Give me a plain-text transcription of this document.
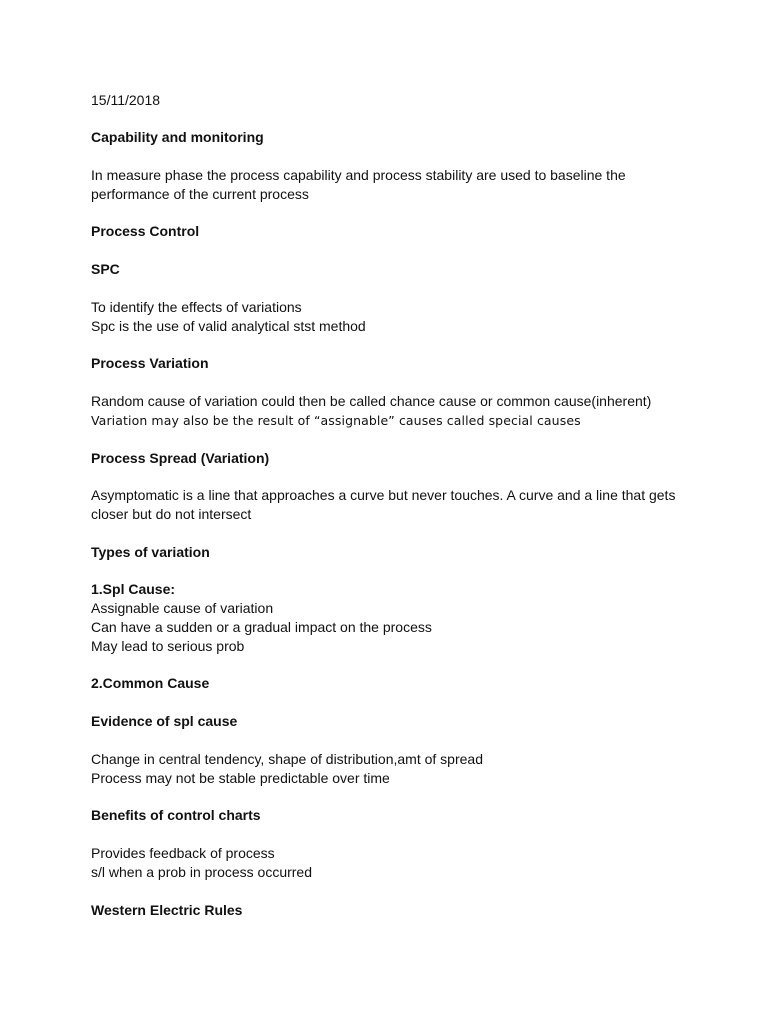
15/11/2018
Capability and monitoring
In measure phase the process capability and process stability are used to baseline the
performance of the current process
Process Control
SPC
To identify the effects of variations
Spc is the use of valid analytical stst method
Process Variation
Random cause of variation could then be called chance cause or common cause(inherent)
Variation may also be the result of “assignable” causes called special causes
Process Spread (Variation)
Asymptomatic is a line that approaches a curve but never touches. A curve and a line that gets
closer but do not intersect
Types of variation
1.Spl Cause:
Assignable cause of variation
Can have a sudden or a gradual impact on the process
May lead to serious prob
2.Common Cause
Evidence of spl cause
Change in central tendency, shape of distribution,amt of spread
Process may not be stable predictable over time
Benefits of control charts
Provides feedback of process
s/l when a prob in process occurred
Western Electric Rules
